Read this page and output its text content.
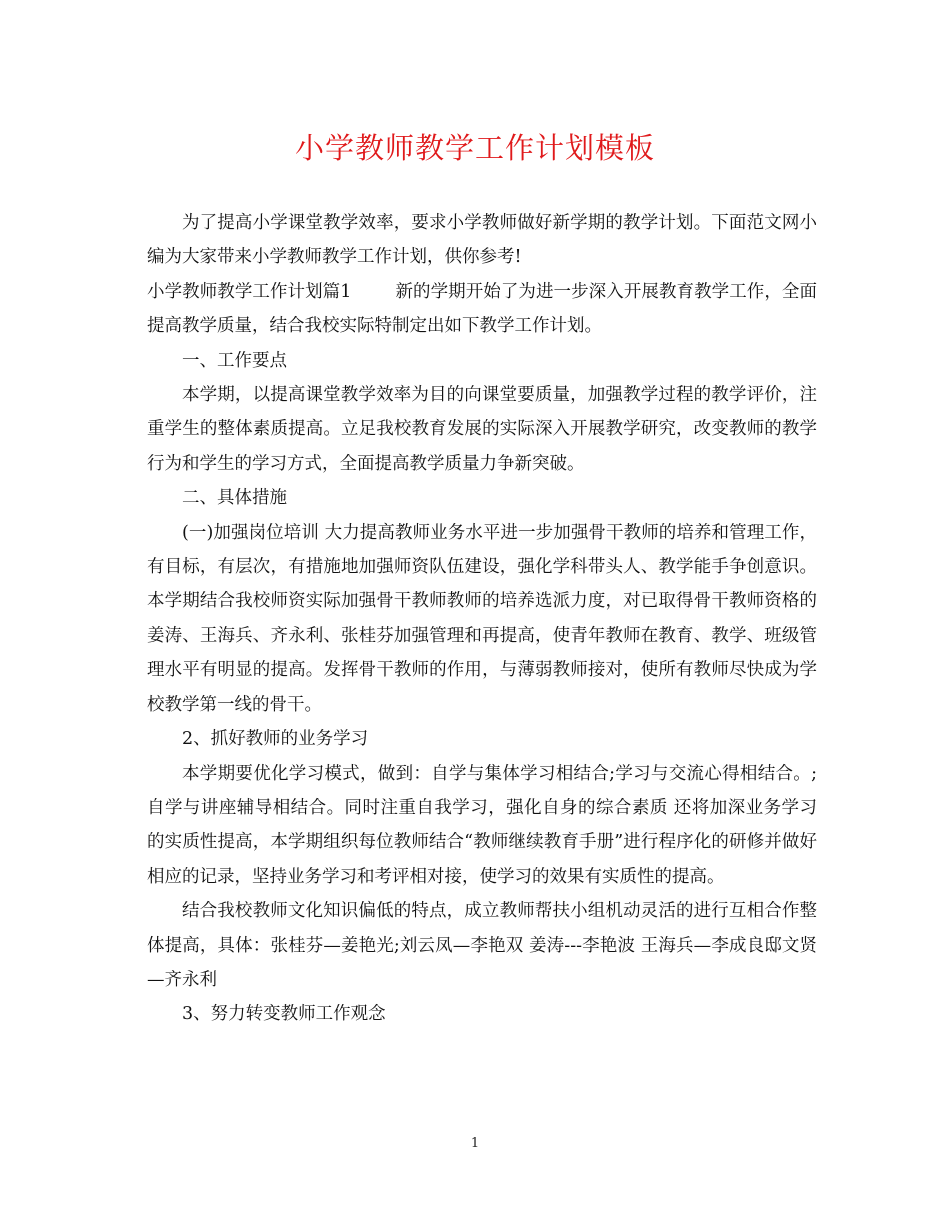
小学教师教学工作计划模板

为了提高小学课堂教学效率，要求小学教师做好新学期的教学计划。下面范文网小编为大家带来小学教师教学工作计划，供你参考!

小学教师教学工作计划篇1	新的学期开始了为进一步深入开展教育教学工作，全面提高教学质量，结合我校实际特制定出如下教学工作计划。

一、工作要点

本学期，以提高课堂教学效率为目的向课堂要质量，加强教学过程的教学评价，注重学生的整体素质提高。立足我校教育发展的实际深入开展教学研究，改变教师的教学行为和学生的学习方式，全面提高教学质量力争新突破。

二、具体措施

(一)加强岗位培训 大力提高教师业务水平进一步加强骨干教师的培养和管理工作，有目标，有层次，有措施地加强师资队伍建设，强化学科带头人、教学能手争创意识。本学期结合我校师资实际加强骨干教师教师的培养选派力度，对已取得骨干教师资格的姜涛、王海兵、齐永利、张桂芬加强管理和再提高，使青年教师在教育、教学、班级管理水平有明显的提高。发挥骨干教师的作用，与薄弱教师接对，使所有教师尽快成为学校教学第一线的骨干。

2、抓好教师的业务学习

本学期要优化学习模式，做到：自学与集体学习相结合;学习与交流心得相结合。;自学与讲座辅导相结合。同时注重自我学习，强化自身的综合素质 还将加深业务学习的实质性提高，本学期组织每位教师结合“教师继续教育手册”进行程序化的研修并做好相应的记录，坚持业务学习和考评相对接，使学习的效果有实质性的提高。

结合我校教师文化知识偏低的特点，成立教师帮扶小组机动灵活的进行互相合作整体提高，具体：张桂芬—姜艳光;刘云凤—李艳双 姜涛---李艳波 王海兵—李成良邸文贤—齐永利

3、努力转变教师工作观念

1
